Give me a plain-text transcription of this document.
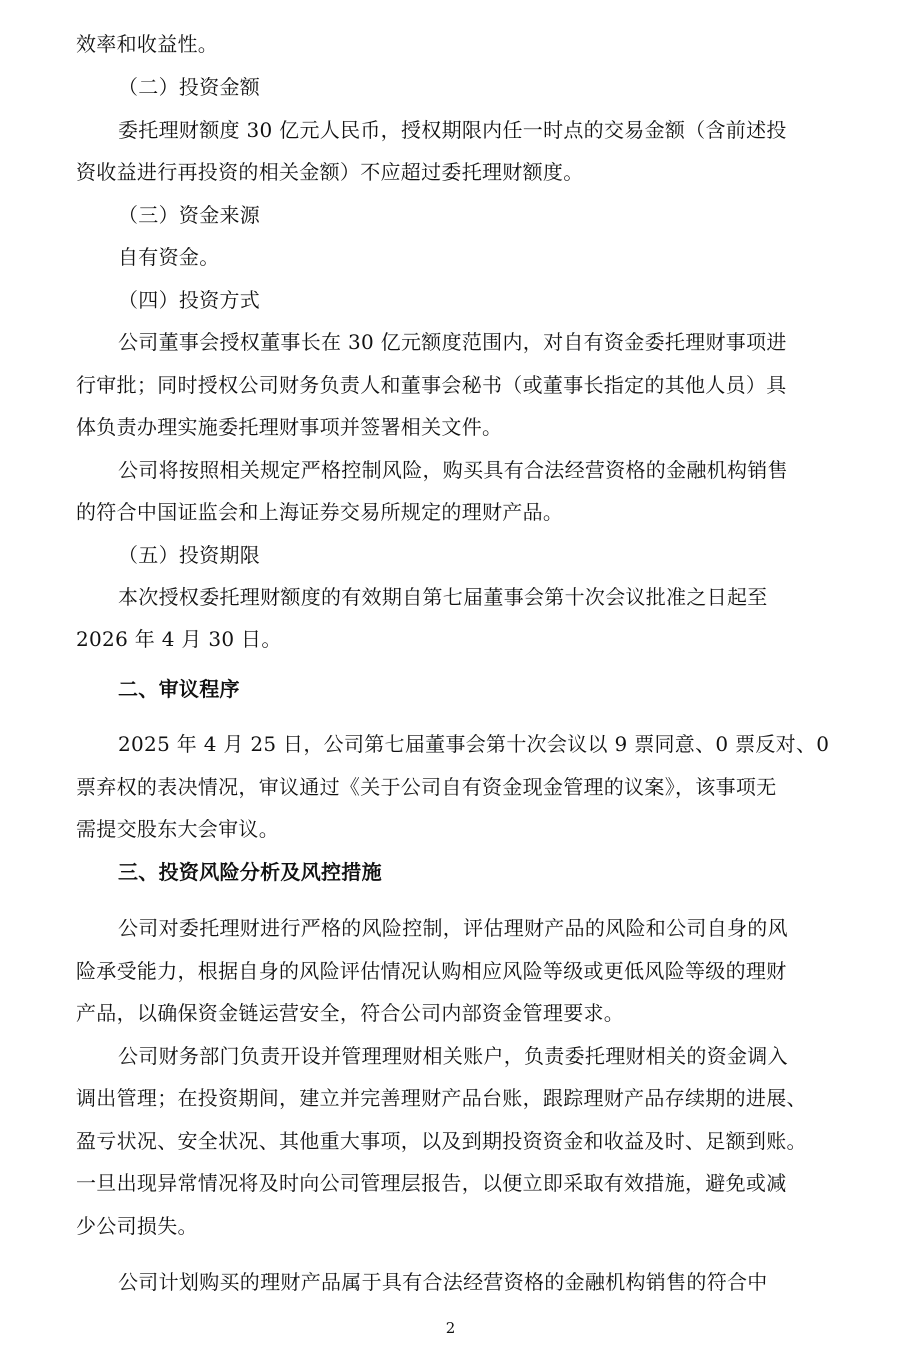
效率和收益性。
（二）投资金额
委托理财额度 30 亿元人民币，授权期限内任一时点的交易金额（含前述投
资收益进行再投资的相关金额）不应超过委托理财额度。
（三）资金来源
自有资金。
（四）投资方式
公司董事会授权董事长在 30 亿元额度范围内，对自有资金委托理财事项进
行审批；同时授权公司财务负责人和董事会秘书（或董事长指定的其他人员）具
体负责办理实施委托理财事项并签署相关文件。
公司将按照相关规定严格控制风险，购买具有合法经营资格的金融机构销售
的符合中国证监会和上海证券交易所规定的理财产品。
（五）投资期限
本次授权委托理财额度的有效期自第七届董事会第十次会议批准之日起至
2026 年 4 月 30 日。
二、审议程序
2025 年 4 月 25 日，公司第七届董事会第十次会议以 9 票同意、0 票反对、0
票弃权的表决情况，审议通过《关于公司自有资金现金管理的议案》，该事项无
需提交股东大会审议。
三、投资风险分析及风控措施
公司对委托理财进行严格的风险控制，评估理财产品的风险和公司自身的风
险承受能力，根据自身的风险评估情况认购相应风险等级或更低风险等级的理财
产品，以确保资金链运营安全，符合公司内部资金管理要求。
公司财务部门负责开设并管理理财相关账户，负责委托理财相关的资金调入
调出管理；在投资期间，建立并完善理财产品台账，跟踪理财产品存续期的进展、
盈亏状况、安全状况、其他重大事项，以及到期投资资金和收益及时、足额到账。
一旦出现异常情况将及时向公司管理层报告，以便立即采取有效措施，避免或减
少公司损失。
公司计划购买的理财产品属于具有合法经营资格的金融机构销售的符合中
2
